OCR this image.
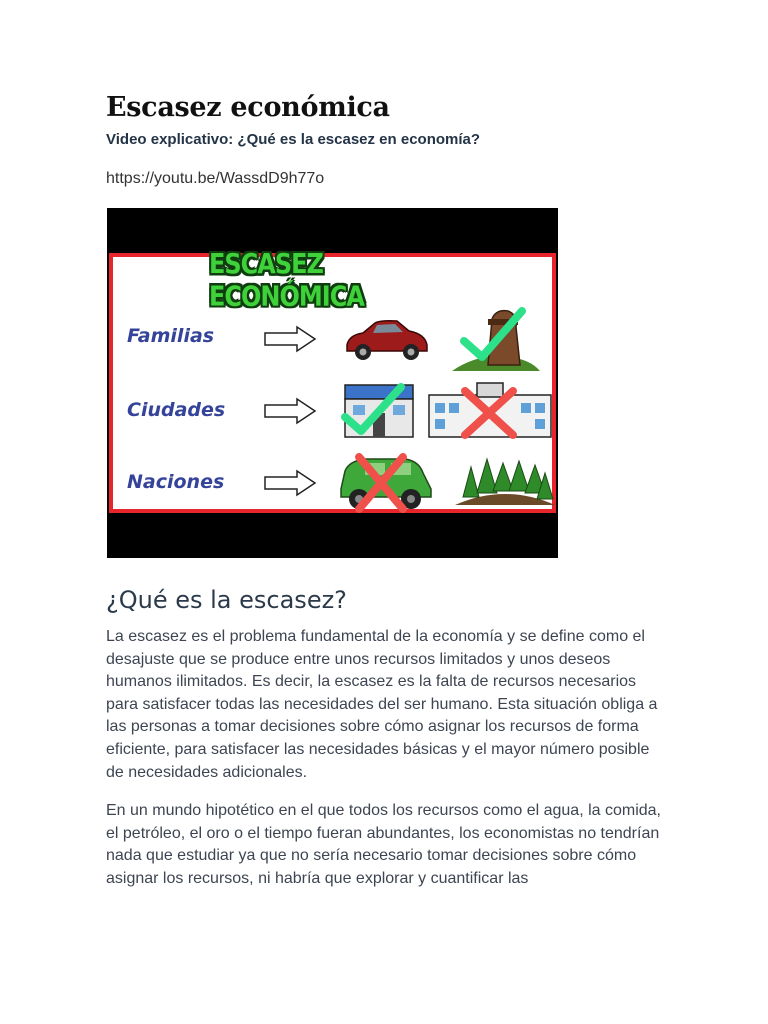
Escasez económica

Video explicativo: ¿Qué es la escasez en economía?

https://youtu.be/WassdD9h77o
ESCASEZ ECONÓMICA
Familias
Ciudades
Naciones
¿Qué es la escasez?

La escasez es el problema fundamental de la economía y se define como el desajuste que se produce entre unos recursos limitados y unos deseos humanos ilimitados. Es decir, la escasez es la falta de recursos necesarios para satisfacer todas las necesidades del ser humano. Esta situación obliga a las personas a tomar decisiones sobre cómo asignar los recursos de forma eficiente, para satisfacer las necesidades básicas y el mayor número posible de necesidades adicionales.

En un mundo hipotético en el que todos los recursos como el agua, la comida, el petróleo, el oro o el tiempo fueran abundantes, los economistas no tendrían nada que estudiar ya que no sería necesario tomar decisiones sobre cómo asignar los recursos, ni habría que explorar y cuantificar las
